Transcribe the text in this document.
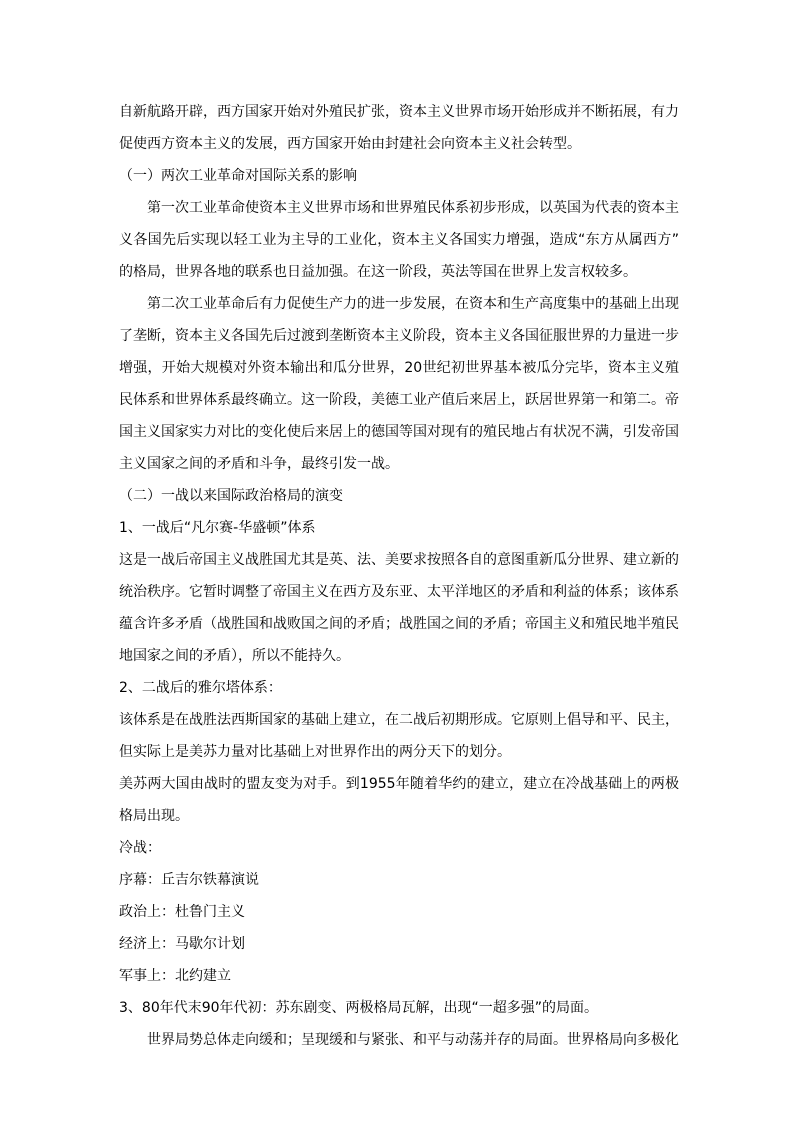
自新航路开辟，西方国家开始对外殖民扩张，资本主义世界市场开始形成并不断拓展，有力
促使西方资本主义的发展，西方国家开始由封建社会向资本主义社会转型。
（一）两次工业革命对国际关系的影响
　　第一次工业革命使资本主义世界市场和世界殖民体系初步形成，以英国为代表的资本主
义各国先后实现以轻工业为主导的工业化，资本主义各国实力增强，造成“东方从属西方”
的格局，世界各地的联系也日益加强。在这一阶段，英法等国在世界上发言权较多。
　　第二次工业革命后有力促使生产力的进一步发展，在资本和生产高度集中的基础上出现
了垄断，资本主义各国先后过渡到垄断资本主义阶段，资本主义各国征服世界的力量进一步
增强，开始大规模对外资本输出和瓜分世界，20世纪初世界基本被瓜分完毕，资本主义殖
民体系和世界体系最终确立。这一阶段，美德工业产值后来居上，跃居世界第一和第二。帝
国主义国家实力对比的变化使后来居上的德国等国对现有的殖民地占有状况不满，引发帝国
主义国家之间的矛盾和斗争，最终引发一战。
（二）一战以来国际政治格局的演变
1、一战后“凡尔赛-华盛顿”体系
这是一战后帝国主义战胜国尤其是英、法、美要求按照各自的意图重新瓜分世界、建立新的
统治秩序。它暂时调整了帝国主义在西方及东亚、太平洋地区的矛盾和利益的体系；该体系
蕴含许多矛盾（战胜国和战败国之间的矛盾；战胜国之间的矛盾；帝国主义和殖民地半殖民
地国家之间的矛盾），所以不能持久。
2、二战后的雅尔塔体系：
该体系是在战胜法西斯国家的基础上建立，在二战后初期形成。它原则上倡导和平、民主，
但实际上是美苏力量对比基础上对世界作出的两分天下的划分。
美苏两大国由战时的盟友变为对手。到1955年随着华约的建立，建立在冷战基础上的两极
格局出现。
冷战：
序幕：丘吉尔铁幕演说
政治上：杜鲁门主义
经济上：马歇尔计划
军事上：北约建立
3、80年代末90年代初：苏东剧变、两极格局瓦解，出现“一超多强”的局面。
　　世界局势总体走向缓和；呈现缓和与紧张、和平与动荡并存的局面。世界格局向多极化
